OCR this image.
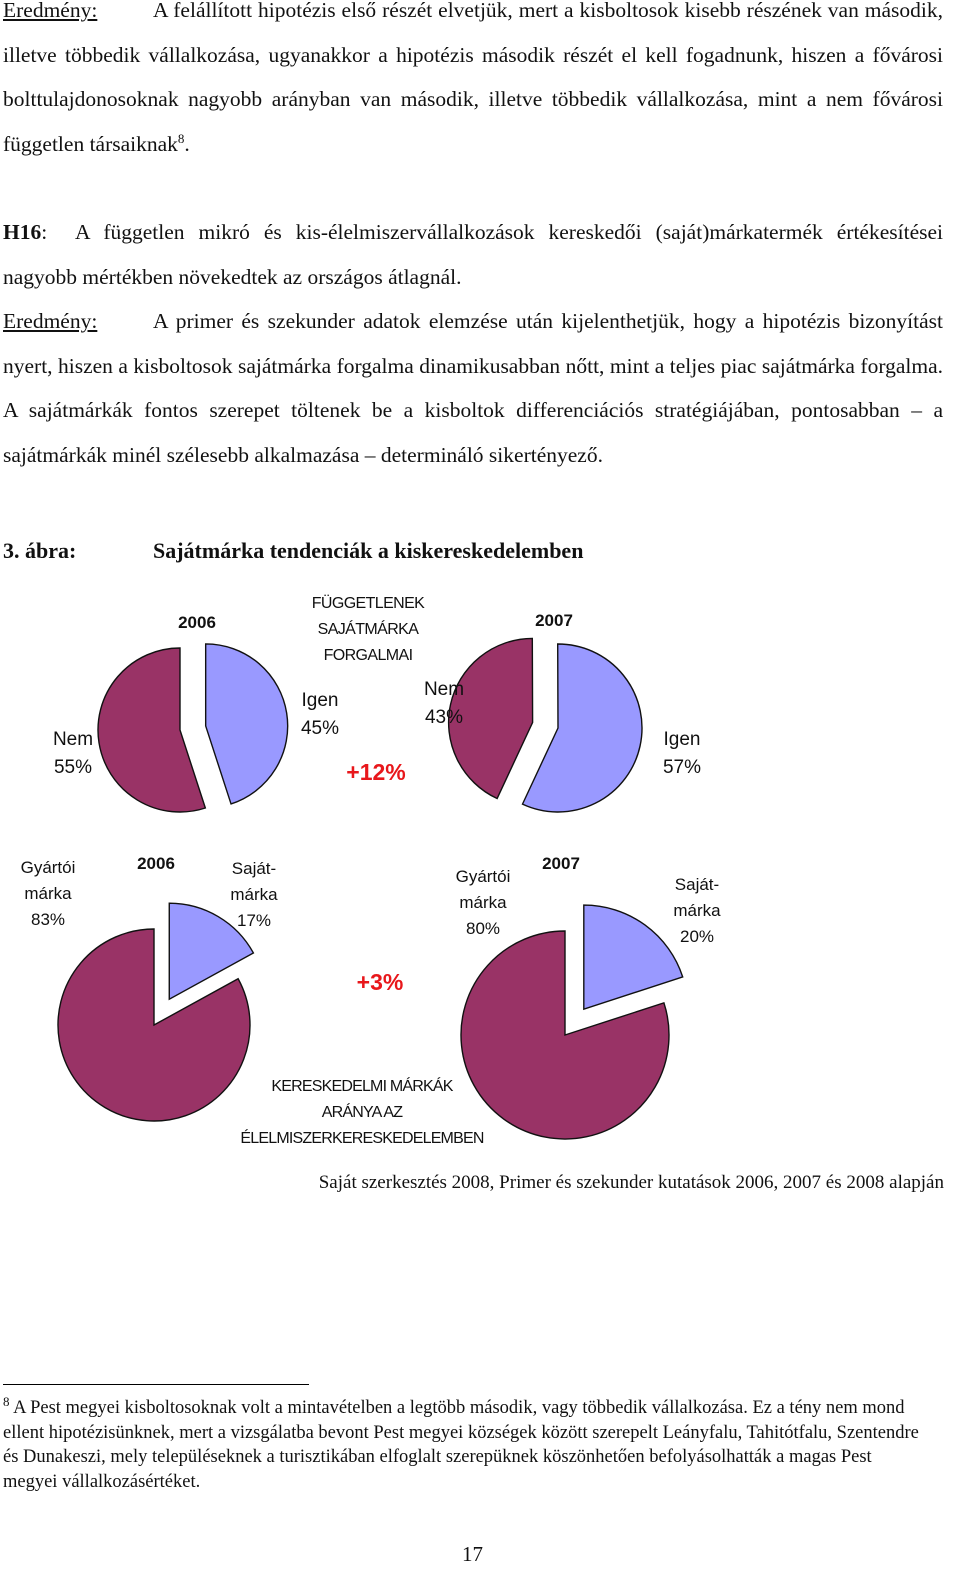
Eredmény:	A felállított hipotézis első részét elvetjük, mert a kisboltosok kisebb részének van második, illetve többedik vállalkozása, ugyanakkor a hipotézis második részét el kell fogadnunk, hiszen a fővárosi bolttulajdonosoknak nagyobb arányban van második, illetve többedik vállalkozása, mint a nem fővárosi független társaiknak$^8$.

H16: A független mikró és kis-élelmiszervállalkozások kereskedői (saját)márkatermék értékesítései nagyobb mértékben növekedtek az országos átlagnál.

Eredmény:	A primer és szekunder adatok elemzése után kijelenthetjük, hogy a hipotézis bizonyítást nyert, hiszen a kisboltosok sajátmárka forgalma dinamikusabban nőtt, mint a teljes piac sajátmárka forgalma. A sajátmárkák fontos szerepet töltenek be a kisboltok differenciációs stratégiájában, pontosabban – a sajátmárkák minél szélesebb alkalmazása – determináló sikertényező.

3. ábra:	Sajátmárka tendenciák a kiskereskedelemben
2006
Nem
55%
Igen
45%
2007
Nem
43%
Igen
57%
2006
Gyártói
márka
83%
Saját-
márka
17%
2007
Gyártói
márka
80%
Saját-
márka
20%
FÜGGETLENEK
SAJÁTMÁRKA
FORGALMAI
KERESKEDELMI MÁRKÁK
ARÁNYA AZ
ÉLELMISZERKERESKEDELEMBEN
+12%
+3%
Saját szerkesztés 2008, Primer és szekunder kutatások 2006, 2007 és 2008 alapján

$^8$ A Pest megyei kisboltosoknak volt a mintavételben a legtöbb második, vagy többedik vállalkozása. Ez a tény nem mond ellent hipotézisünknek, mert a vizsgálatba bevont Pest megyei községek között szerepelt Leányfalu, Tahitótfalu, Szentendre és Dunakeszi, mely településeknek a turisztikában elfoglalt szerepüknek köszönhetően befolyásolhatták a magas Pest megyei vállalkozásértéket.

17
